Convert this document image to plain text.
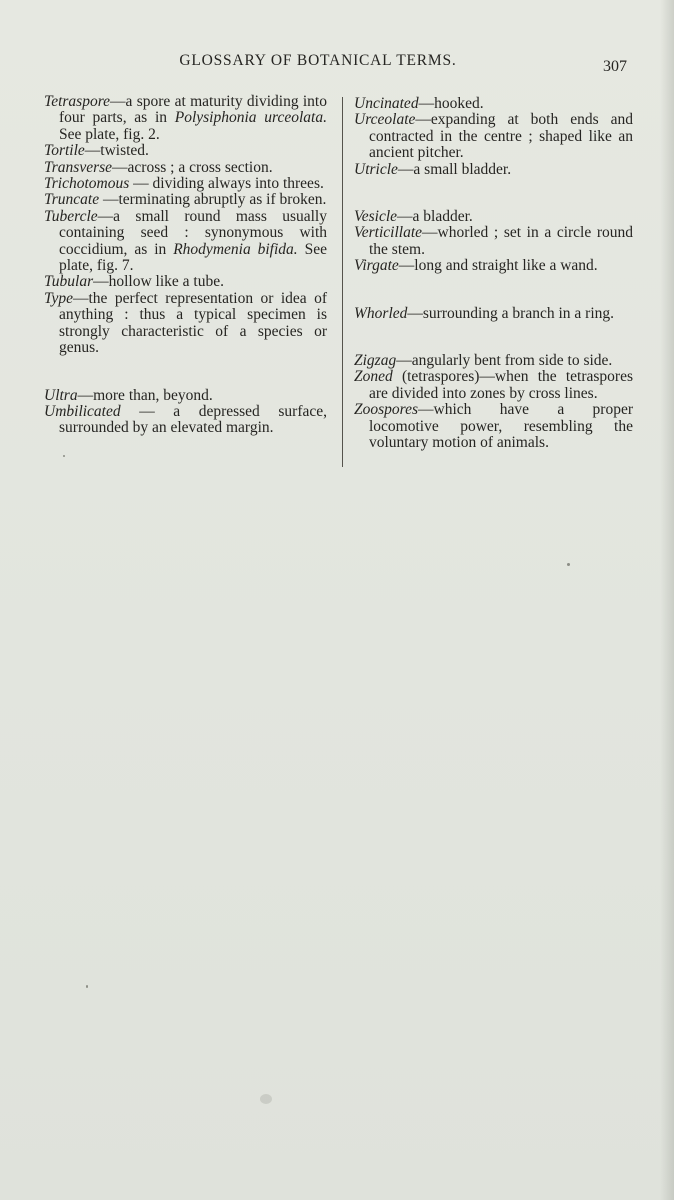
GLOSSARY OF BOTANICAL TERMS.	307
Tetraspore—a spore at maturity dividing into four parts, as in Polysiphonia urceolata. See plate, fig. 2.
Tortile—twisted.
Transverse—across ; a cross section.
Trichotomous — dividing always into threes.
Truncate —terminating abruptly as if broken.
Tubercle—a small round mass usually containing seed : synonymous with coccidium, as in Rhodymenia bifida. See plate, fig. 7.
Tubular—hollow like a tube.
Type—the perfect representation or idea of anything : thus a typical specimen is strongly characteristic of a species or genus.
Ultra—more than, beyond.
Umbilicated — a depressed surface, surrounded by an elevated margin.
Uncinated—hooked.
Urceolate—expanding at both ends and contracted in the centre ; shaped like an ancient pitcher.
Utricle—a small bladder.
Vesicle—a bladder.
Verticillate—whorled ; set in a circle round the stem.
Virgate—long and straight like a wand.
Whorled—surrounding a branch in a ring.
Zigzag—angularly bent from side to side.
Zoned (tetraspores)—when the tetraspores are divided into zones by cross lines.
Zoospores—which have a proper locomotive power, resembling the voluntary motion of animals.
